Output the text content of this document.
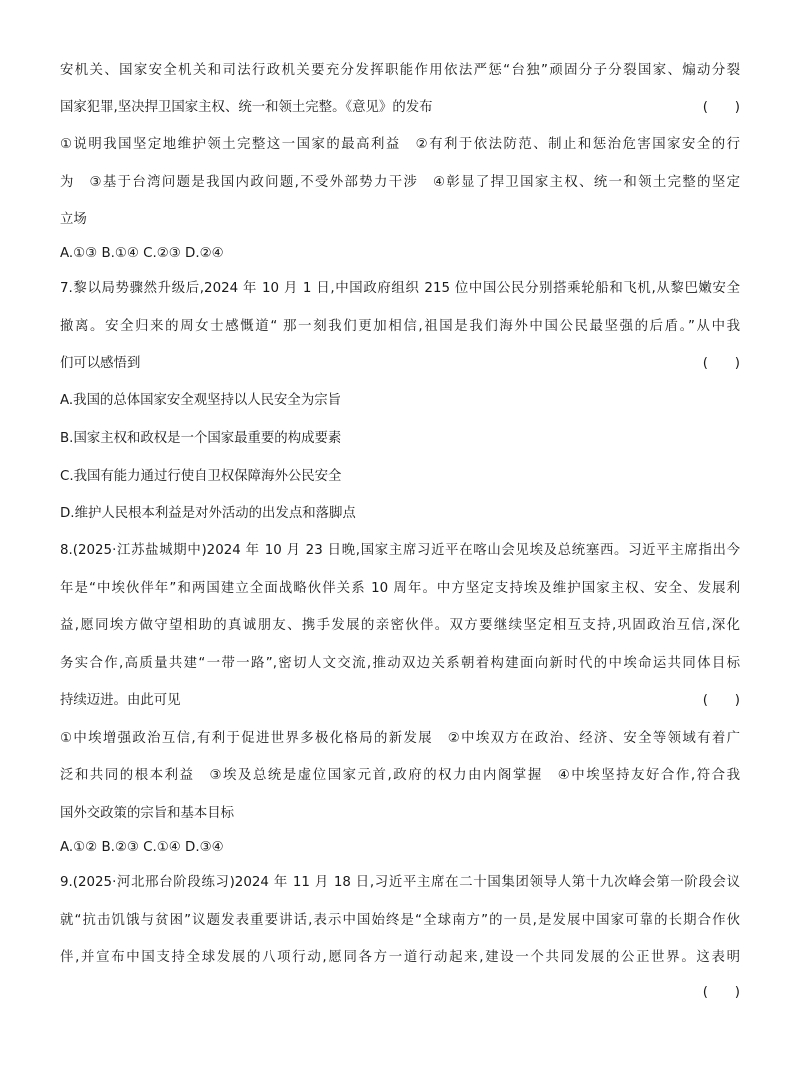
安机关、国家安全机关和司法行政机关要充分发挥职能作用依法严惩“台独”顽固分子分裂国家、煽动分裂
国家犯罪,坚决捍卫国家主权、统一和领土完整。《意见》的发布	(　　)
①说明我国坚定地维护领土完整这一国家的最高利益　②有利于依法防范、制止和惩治危害国家安全的行
为　③基于台湾问题是我国内政问题,不受外部势力干涉　④彰显了捍卫国家主权、统一和领土完整的坚定
立场
A.①③ B.①④ C.②③ D.②④
7.黎以局势骤然升级后,2024 年 10 月 1 日,中国政府组织 215 位中国公民分别搭乘轮船和飞机,从黎巴嫩安全
撤离。安全归来的周女士感慨道“ 那一刻我们更加相信,祖国是我们海外中国公民最坚强的后盾。”从中我
们可以感悟到	(　　)
A.我国的总体国家安全观坚持以人民安全为宗旨
B.国家主权和政权是一个国家最重要的构成要素
C.我国有能力通过行使自卫权保障海外公民安全
D.维护人民根本利益是对外活动的出发点和落脚点
8.(2025·江苏盐城期中)2024 年 10 月 23 日晚,国家主席习近平在喀山会见埃及总统塞西。习近平主席指出今
年是“中埃伙伴年”和两国建立全面战略伙伴关系 10 周年。中方坚定支持埃及维护国家主权、安全、发展利
益,愿同埃方做守望相助的真诚朋友、携手发展的亲密伙伴。双方要继续坚定相互支持,巩固政治互信,深化
务实合作,高质量共建“一带一路”,密切人文交流,推动双边关系朝着构建面向新时代的中埃命运共同体目标
持续迈进。由此可见	(　　)
①中埃增强政治互信,有利于促进世界多极化格局的新发展　②中埃双方在政治、经济、安全等领域有着广
泛和共同的根本利益　③埃及总统是虚位国家元首,政府的权力由内阁掌握　④中埃坚持友好合作,符合我
国外交政策的宗旨和基本目标
A.①② B.②③ C.①④ D.③④
9.(2025·河北邢台阶段练习)2024 年 11 月 18 日,习近平主席在二十国集团领导人第十九次峰会第一阶段会议
就“抗击饥饿与贫困”议题发表重要讲话,表示中国始终是“全球南方”的一员,是发展中国家可靠的长期合作伙
伴,并宣布中国支持全球发展的八项行动,愿同各方一道行动起来,建设一个共同发展的公正世界。这表明
(　　)
